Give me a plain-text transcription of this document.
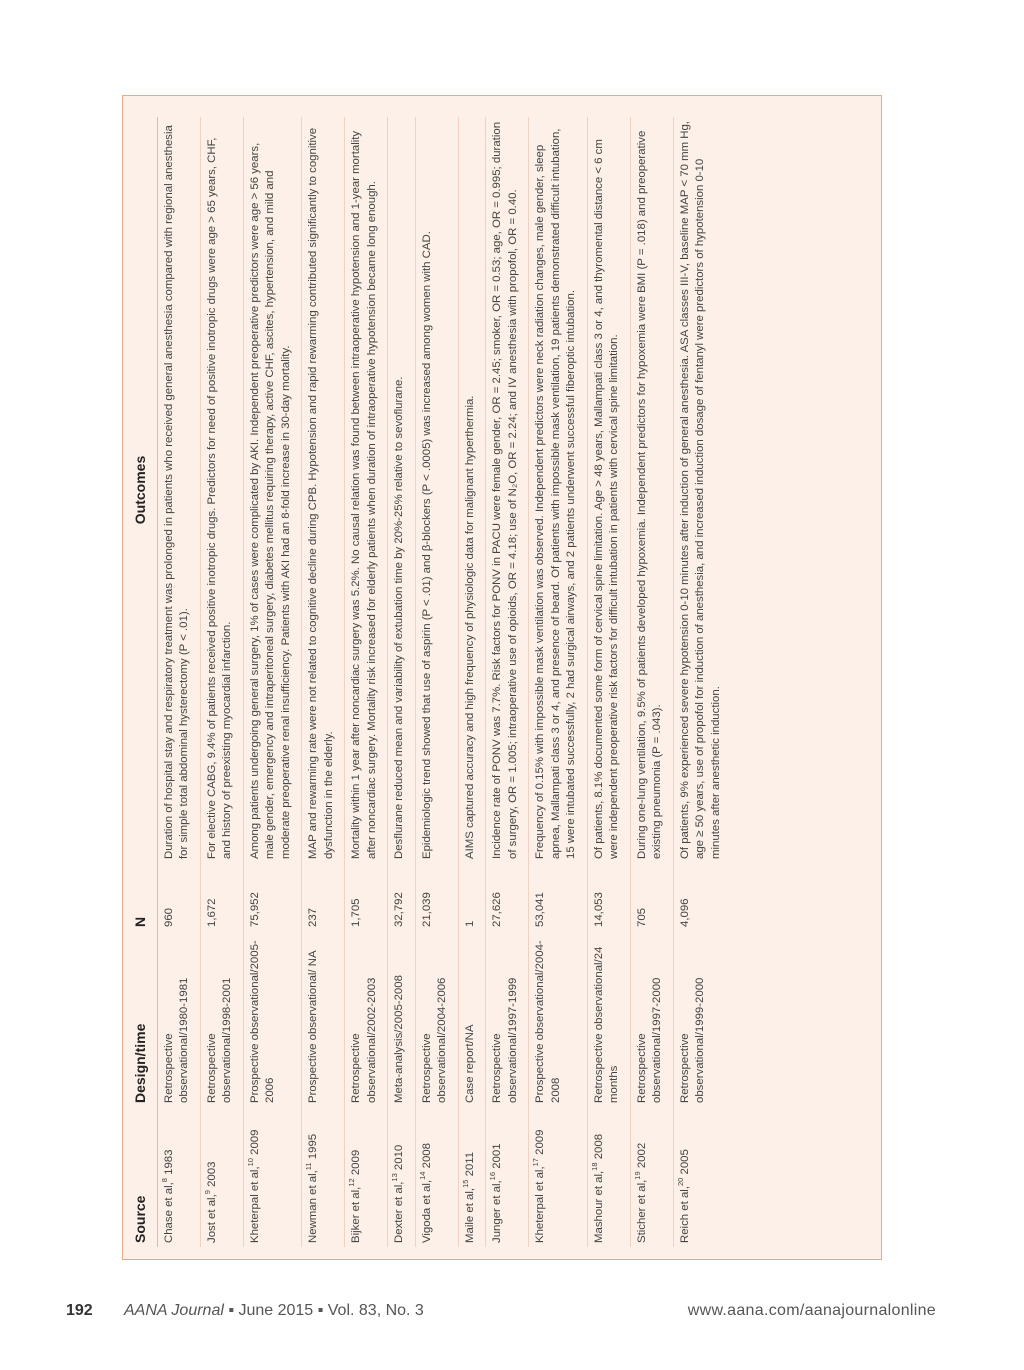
Source	Design/time	N	Outcomes
Chase et al,$^8$ 1983	Retrospective observational/1980-1981	960	Duration of hospital stay and respiratory treatment was prolonged in patients who received general anesthesia compared with regional anesthesia for simple total abdominal hysterectomy (P < .01).
Jost et al,$^9$ 2003	Retrospective observational/1998-2001	1,672	For elective CABG, 9.4% of patients received positive inotropic drugs. Predictors for need of positive inotropic drugs were age > 65 years, CHF, and history of preexisting myocardial infarction.
Kheterpal et al,$^{10}$ 2009	Prospective observational/2005-2006	75,952	Among patients undergoing general surgery, 1% of cases were complicated by AKI. Independent preoperative predictors were age > 56 years, male gender, emergency and intraperitoneal surgery, diabetes mellitus requiring therapy, active CHF, ascites, hypertension, and mild and moderate preoperative renal insufficiency. Patients with AKI had an 8-fold increase in 30-day mortality.
Newman et al,$^{11}$ 1995	Prospective observational/ NA	237	MAP and rewarming rate were not related to cognitive decline during CPB. Hypotension and rapid rewarming contributed significantly to cognitive dysfunction in the elderly.
Bijker et al,$^{12}$ 2009	Retrospective observational/2002-2003	1,705	Mortality within 1 year after noncardiac surgery was 5.2%. No causal relation was found between intraoperative hypotension and 1-year mortality after noncardiac surgery. Mortality risk increased for elderly patients when duration of intraoperative hypotension became long enough.
Dexter et al,$^{13}$ 2010	Meta-analysis/2005-2008	32,792	Desflurane reduced mean and variability of extubation time by 20%-25% relative to sevoflurane.
Vigoda et al,$^{14}$ 2008	Retrospective observational/2004-2006	21,039	Epidemiologic trend showed that use of aspirin (P < .01) and β-blockers (P < .0005) was increased among women with CAD.
Maile et al,$^{15}$ 2011	Case report/NA	1	AIMS captured accuracy and high frequency of physiologic data for malignant hyperthermia.
Junger et al,$^{16}$ 2001	Retrospective observational/1997-1999	27,626	Incidence rate of PONV was 7.7%. Risk factors for PONV in PACU were female gender, OR = 2.45; smoker, OR = 0.53; age, OR = 0.995; duration of surgery, OR = 1.005; intraoperative use of opioids, OR = 4.18; use of N₂O, OR = 2.24; and IV anesthesia with propofol, OR = 0.40.
Kheterpal et al,$^{17}$ 2009	Prospective observational/2004-2008	53,041	Frequency of 0.15% with impossible mask ventilation was observed. Independent predictors were neck radiation changes, male gender, sleep apnea, Mallampati class 3 or 4, and presence of beard. Of patients with impossible mask ventilation, 19 patients demonstrated difficult intubation, 15 were intubated successfully, 2 had surgical airways, and 2 patients underwent successful fiberoptic intubation.
Mashour et al,$^{18}$ 2008	Retrospective observational/24 months	14,053	Of patients, 8.1% documented some form of cervical spine limitation. Age > 48 years, Mallampati class 3 or 4, and thyromental distance < 6 cm were independent preoperative risk factors for difficult intubation in patients with cervical spine limitation.
Sticher et al,$^{19}$ 2002	Retrospective observational/1997-2000	705	During one-lung ventilation, 9.5% of patients developed hypoxemia. Independent predictors for hypoxemia were BMI (P = .018) and preoperative existing pneumonia (P = .043).
Reich et al,$^{20}$ 2005	Retrospective observational/1999-2000	4,096	Of patients, 9% experienced severe hypotension 0-10 minutes after induction of general anesthesia. ASA classes III-V, baseline MAP < 70 mm Hg, age ≥ 50 years, use of propofol for induction of anesthesia, and increased induction dosage of fentanyl were predictors of hypotension 0-10 minutes after anesthetic induction.
192 AANA Journal ▪ June 2015 ▪ Vol. 83, No. 3	www.aana.com/aanajournalonline
